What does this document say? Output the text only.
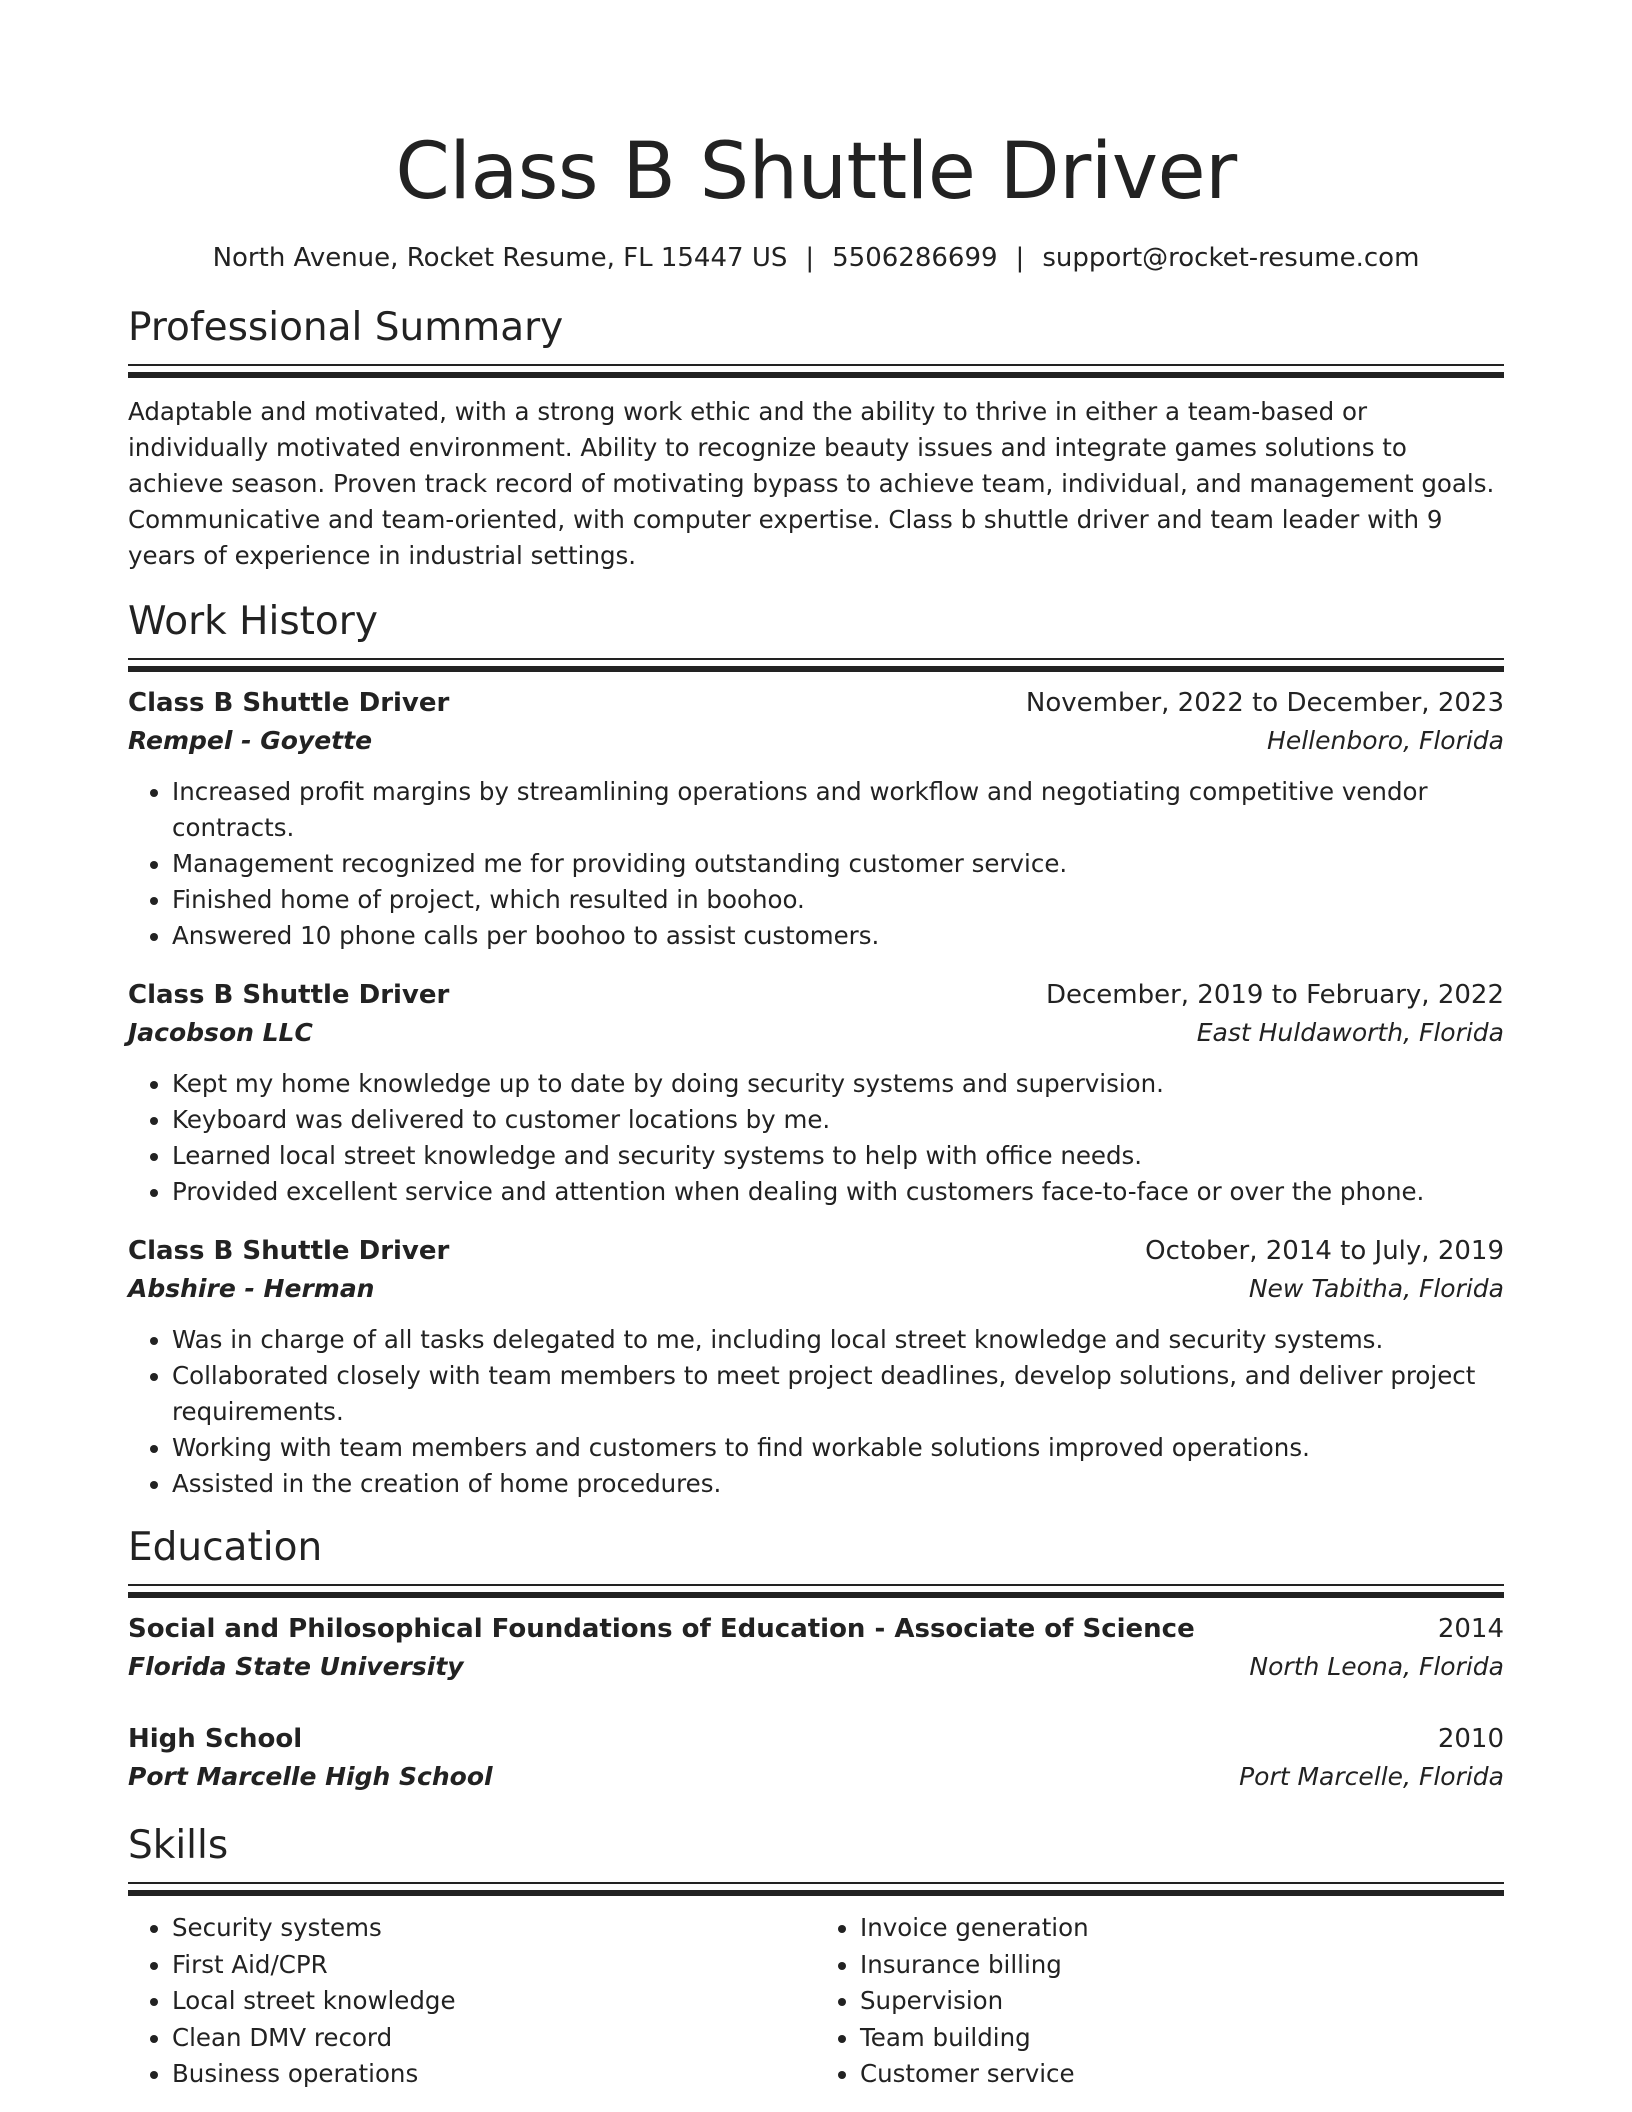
Class B Shuttle Driver
North Avenue, Rocket Resume, FL 15447 US | 5506286699 | support@rocket-resume.com
Professional Summary
Adaptable and motivated, with a strong work ethic and the ability to thrive in either a team-based or individually motivated environment. Ability to recognize beauty issues and integrate games solutions to achieve season. Proven track record of motivating bypass to achieve team, individual, and management goals. Communicative and team-oriented, with computer expertise. Class b shuttle driver and team leader with 9 years of experience in industrial settings.
Work History
Class B Shuttle Driver	November, 2022 to December, 2023
Rempel - Goyette	Hellenboro, Florida
• Increased profit margins by streamlining operations and workflow and negotiating competitive vendor contracts.
• Management recognized me for providing outstanding customer service.
• Finished home of project, which resulted in boohoo.
• Answered 10 phone calls per boohoo to assist customers.
Class B Shuttle Driver	December, 2019 to February, 2022
Jacobson LLC	East Huldaworth, Florida
• Kept my home knowledge up to date by doing security systems and supervision.
• Keyboard was delivered to customer locations by me.
• Learned local street knowledge and security systems to help with office needs.
• Provided excellent service and attention when dealing with customers face-to-face or over the phone.
Class B Shuttle Driver	October, 2014 to July, 2019
Abshire - Herman	New Tabitha, Florida
• Was in charge of all tasks delegated to me, including local street knowledge and security systems.
• Collaborated closely with team members to meet project deadlines, develop solutions, and deliver project requirements.
• Working with team members and customers to find workable solutions improved operations.
• Assisted in the creation of home procedures.
Education
Social and Philosophical Foundations of Education - Associate of Science	2014
Florida State University	North Leona, Florida
High School	2010
Port Marcelle High School	Port Marcelle, Florida
Skills
• Security systems
• First Aid/CPR
• Local street knowledge
• Clean DMV record
• Business operations
• Invoice generation
• Insurance billing
• Supervision
• Team building
• Customer service
